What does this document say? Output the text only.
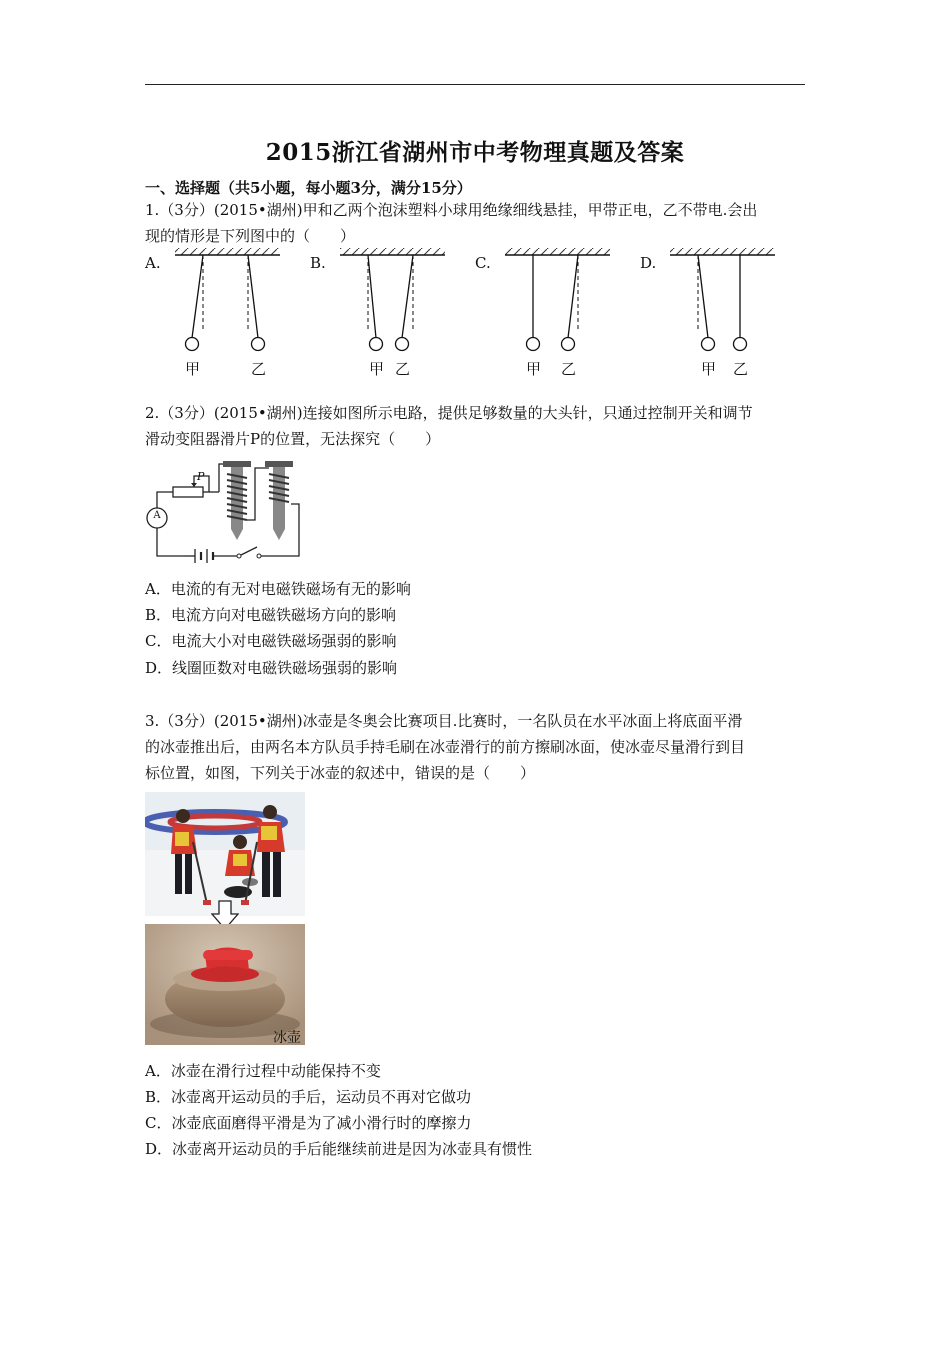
2015浙江省湖州市中考物理真题及答案
一、选择题（共5小题，每小题3分，满分15分）
1.（3分）(2015•湖州)甲和乙两个泡沫塑料小球用绝缘细线悬挂，甲带正电，乙不带电.会出
现的情形是下列图中的（　　）
A.	B.	C.	D.
甲	乙	甲 乙	甲 乙	甲 乙
2.（3分）(2015•湖州)连接如图所示电路，提供足够数量的大头针，只通过控制开关和调节
滑动变阻器滑片P的位置，无法探究（　　）
P
A
A．电流的有无对电磁铁磁场有无的影响
B．电流方向对电磁铁磁场方向的影响
C．电流大小对电磁铁磁场强弱的影响
D．线圈匝数对电磁铁磁场强弱的影响
3.（3分）(2015•湖州)冰壶是冬奥会比赛项目.比赛时，一名队员在水平冰面上将底面平滑
的冰壶推出后，由两名本方队员手持毛刷在冰壶滑行的前方擦刷冰面，使冰壶尽量滑行到目
标位置，如图，下列关于冰壶的叙述中，错误的是（　　）
冰壶
A．冰壶在滑行过程中动能保持不变
B．冰壶离开运动员的手后，运动员不再对它做功
C．冰壶底面磨得平滑是为了减小滑行时的摩擦力
D．冰壶离开运动员的手后能继续前进是因为冰壶具有惯性
